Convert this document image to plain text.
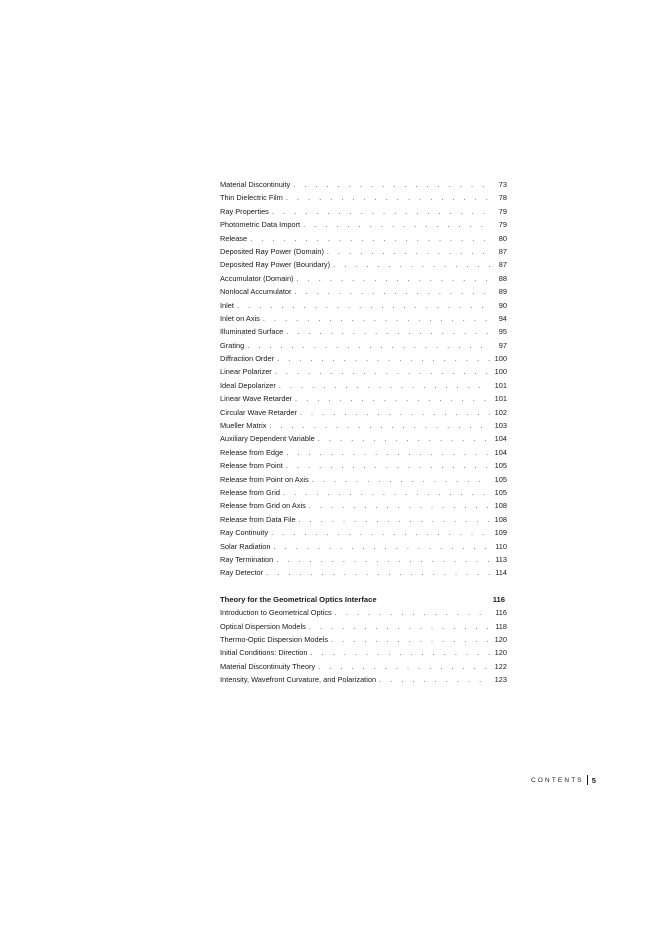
Material Discontinuity . . .	73
Thin Dielectric Film . . .	78
Ray Properties . . .	79
Photometric Data Import . . .	79
Release . . .	80
Deposited Ray Power (Domain) . . .	87
Deposited Ray Power (Boundary) . . .	87
Accumulator (Domain) . . .	88
Nonlocal Accumulator . . .	89
Inlet . . .	90
Inlet on Axis . . .	94
Illuminated Surface . . .	95
Grating . . .	97
Diffraction Order . . .	100
Linear Polarizer . . .	100
Ideal Depolarizer . . .	101
Linear Wave Retarder . . .	101
Circular Wave Retarder . . .	102
Mueller Matrix . . .	103
Auxiliary Dependent Variable . . .	104
Release from Edge . . .	104
Release from Point . . .	105
Release from Point on Axis . . .	105
Release from Grid . . .	105
Release from Grid on Axis . . .	108
Release from Data File . . .	108
Ray Continuity . . .	109
Solar Radiation . . .	110
Ray Termination . . .	113
Ray Detector . . .	114
Theory for the Geometrical Optics Interface	116
Introduction to Geometrical Optics . . .	116
Optical Dispersion Models . . .	118
Thermo-Optic Dispersion Models . . .	120
Initial Conditions: Direction . . .	120
Material Discontinuity Theory . . .	122
Intensity, Wavefront Curvature, and Polarization . . .	123
CONTENTS 5
